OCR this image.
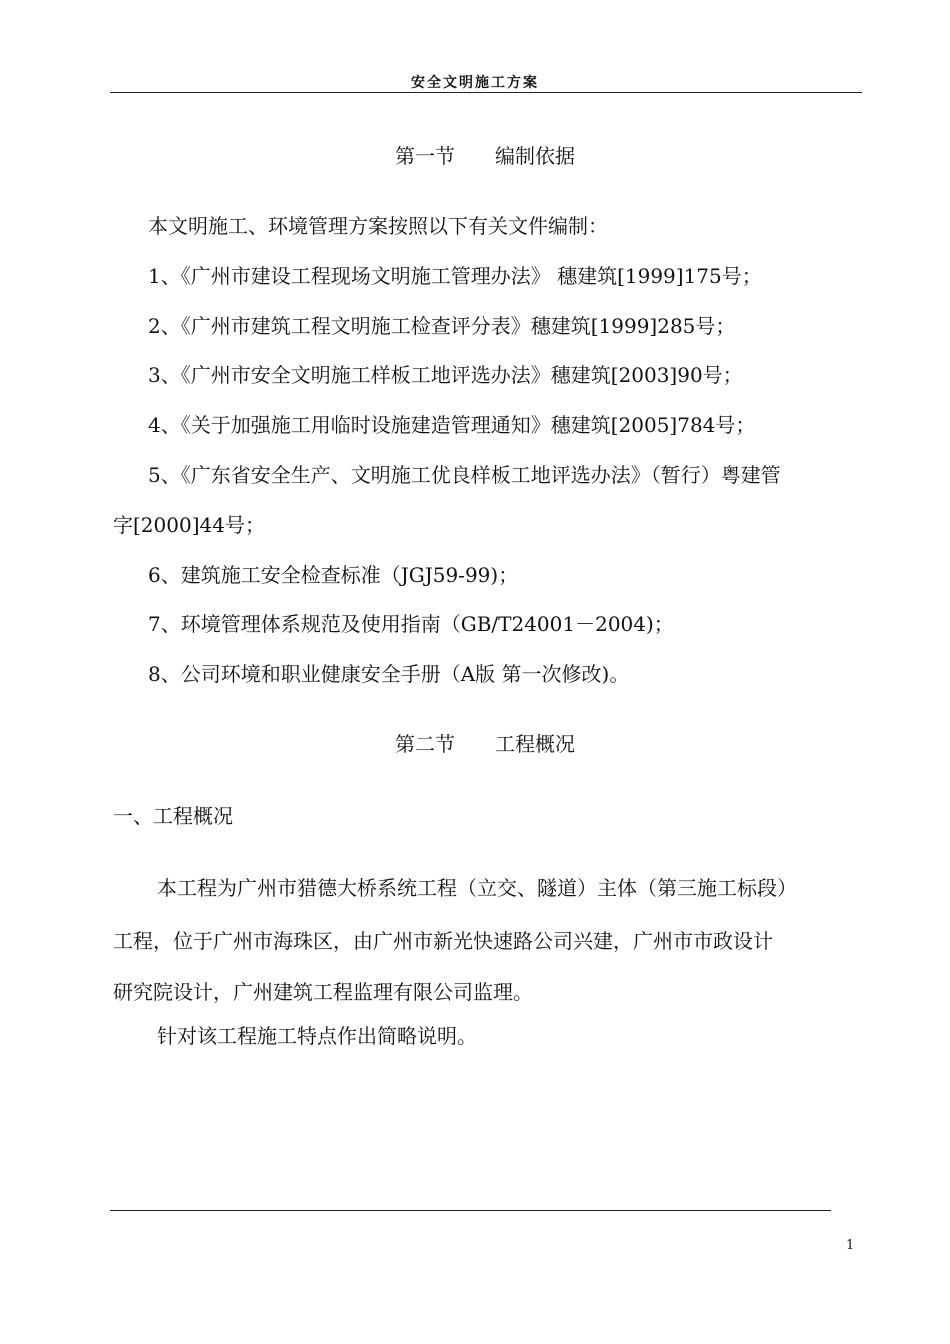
安全文明施工方案
第一节 编制依据
本文明施工、环境管理方案按照以下有关文件编制：
1、《广州市建设工程现场文明施工管理办法》 穗建筑[1999]175号；
2、《广州市建筑工程文明施工检查评分表》穗建筑[1999]285号；
3、《广州市安全文明施工样板工地评选办法》穗建筑[2003]90号；
4、《关于加强施工用临时设施建造管理通知》穗建筑[2005]784号；
5、《广东省安全生产、文明施工优良样板工地评选办法》（暂行）粤建管
字[2000]44号；
6、建筑施工安全检查标准（JGJ59-99)；
7、环境管理体系规范及使用指南（GB/T24001－2004)；
8、公司环境和职业健康安全手册（A版 第一次修改)。
第二节 工程概况
一、工程概况
本工程为广州市猎德大桥系统工程（立交、隧道）主体（第三施工标段）
工程，位于广州市海珠区，由广州市新光快速路公司兴建，广州市市政设计
研究院设计，广州建筑工程监理有限公司监理。
针对该工程施工特点作出简略说明。
1
